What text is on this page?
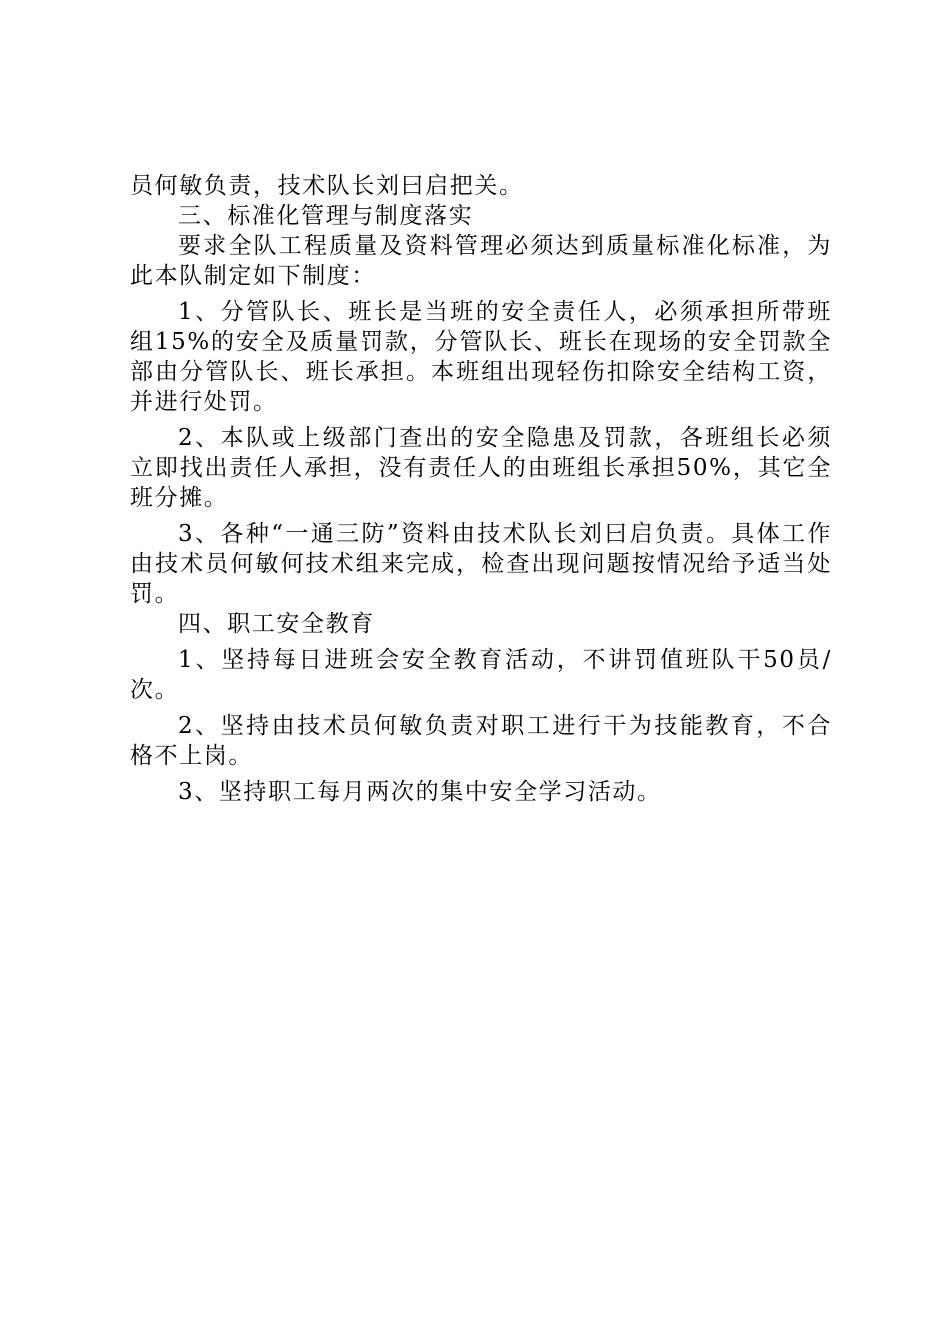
员何敏负责，技术队长刘曰启把关。

三、标准化管理与制度落实

要求全队工程质量及资料管理必须达到质量标准化标准，为此本队制定如下制度：

1、分管队长、班长是当班的安全责任人，必须承担所带班组15%的安全及质量罚款，分管队长、班长在现场的安全罚款全部由分管队长、班长承担。本班组出现轻伤扣除安全结构工资，并进行处罚。

2、本队或上级部门查出的安全隐患及罚款，各班组长必须立即找出责任人承担，没有责任人的由班组长承担50%，其它全班分摊。

3、各种“一通三防”资料由技术队长刘曰启负责。具体工作由技术员何敏何技术组来完成，检查出现问题按情况给予适当处罚。

四、职工安全教育

1、坚持每日进班会安全教育活动，不讲罚值班队干50员/次。

2、坚持由技术员何敏负责对职工进行干为技能教育，不合格不上岗。

3、坚持职工每月两次的集中安全学习活动。
